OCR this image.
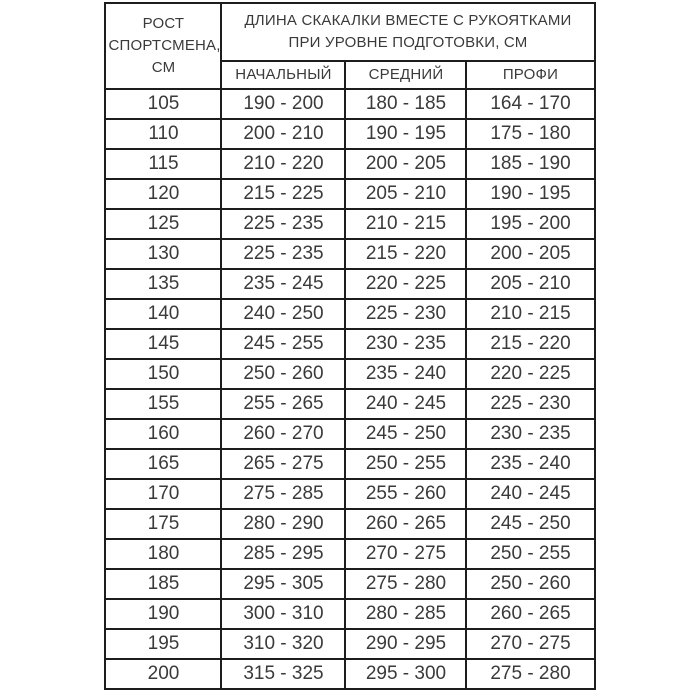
РОСТ
СПОРТСМЕНА,
СМ	ДЛИНА СКАКАЛКИ ВМЕСТЕ С РУКОЯТКАМИ
ПРИ УРОВНЕ ПОДГОТОВКИ, СМ		

	НАЧАЛЬНЫЙ	СРЕДНИЙ	ПРОФИ
105	190 - 200	180 - 185	164 - 170
110	200 - 210	190 - 195	175 - 180
115	210 - 220	200 - 205	185 - 190
120	215 - 225	205 - 210	190 - 195
125	225 - 235	210 - 215	195 - 200
130	225 - 235	215 - 220	200 - 205
135	235 - 245	220 - 225	205 - 210
140	240 - 250	225 - 230	210 - 215
145	245 - 255	230 - 235	215 - 220
150	250 - 260	235 - 240	220 - 225
155	255 - 265	240 - 245	225 - 230
160	260 - 270	245 - 250	230 - 235
165	265 - 275	250 - 255	235 - 240
170	275 - 285	255 - 260	240 - 245
175	280 - 290	260 - 265	245 - 250
180	285 - 295	270 - 275	250 - 255
185	295 - 305	275 - 280	250 - 260
190	300 - 310	280 - 285	260 - 265
195	310 - 320	290 - 295	270 - 275
200	315 - 325	295 - 300	275 - 280
